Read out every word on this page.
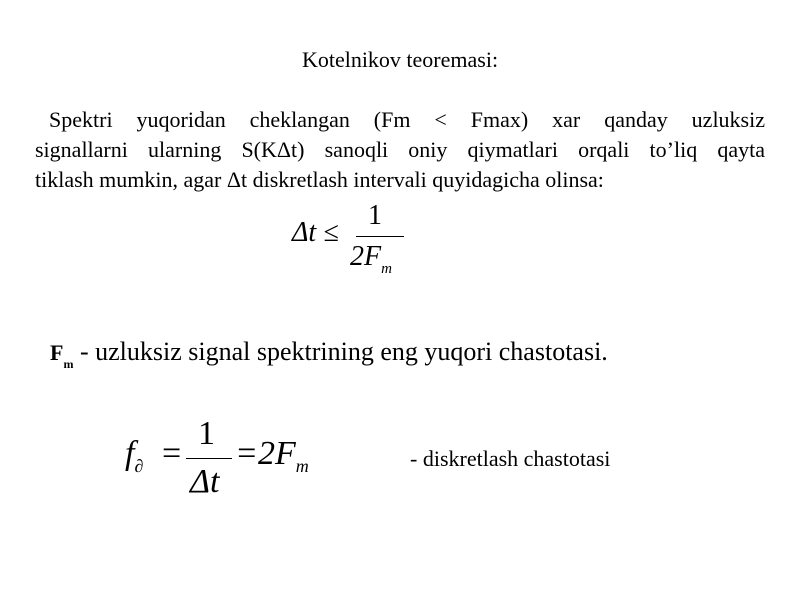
Kotelnikov teoremasi:
Spektri yuqoridan cheklangan (Fm < Fmax) xar qanday uzluksiz
signallarni ularning S(KΔt) sanoqli oniy qiymatlari orqali to’liq qayta
tiklash mumkin, agar Δt diskretlash intervali quyidagicha olinsa:
Δt ≤
1
$2F_m$
$F_m$ - uzluksiz signal spektrining eng yuqori chastotasi.
$f_\partial$ =
1
Δt
$=2F_m$	- diskretlash chastotasi
